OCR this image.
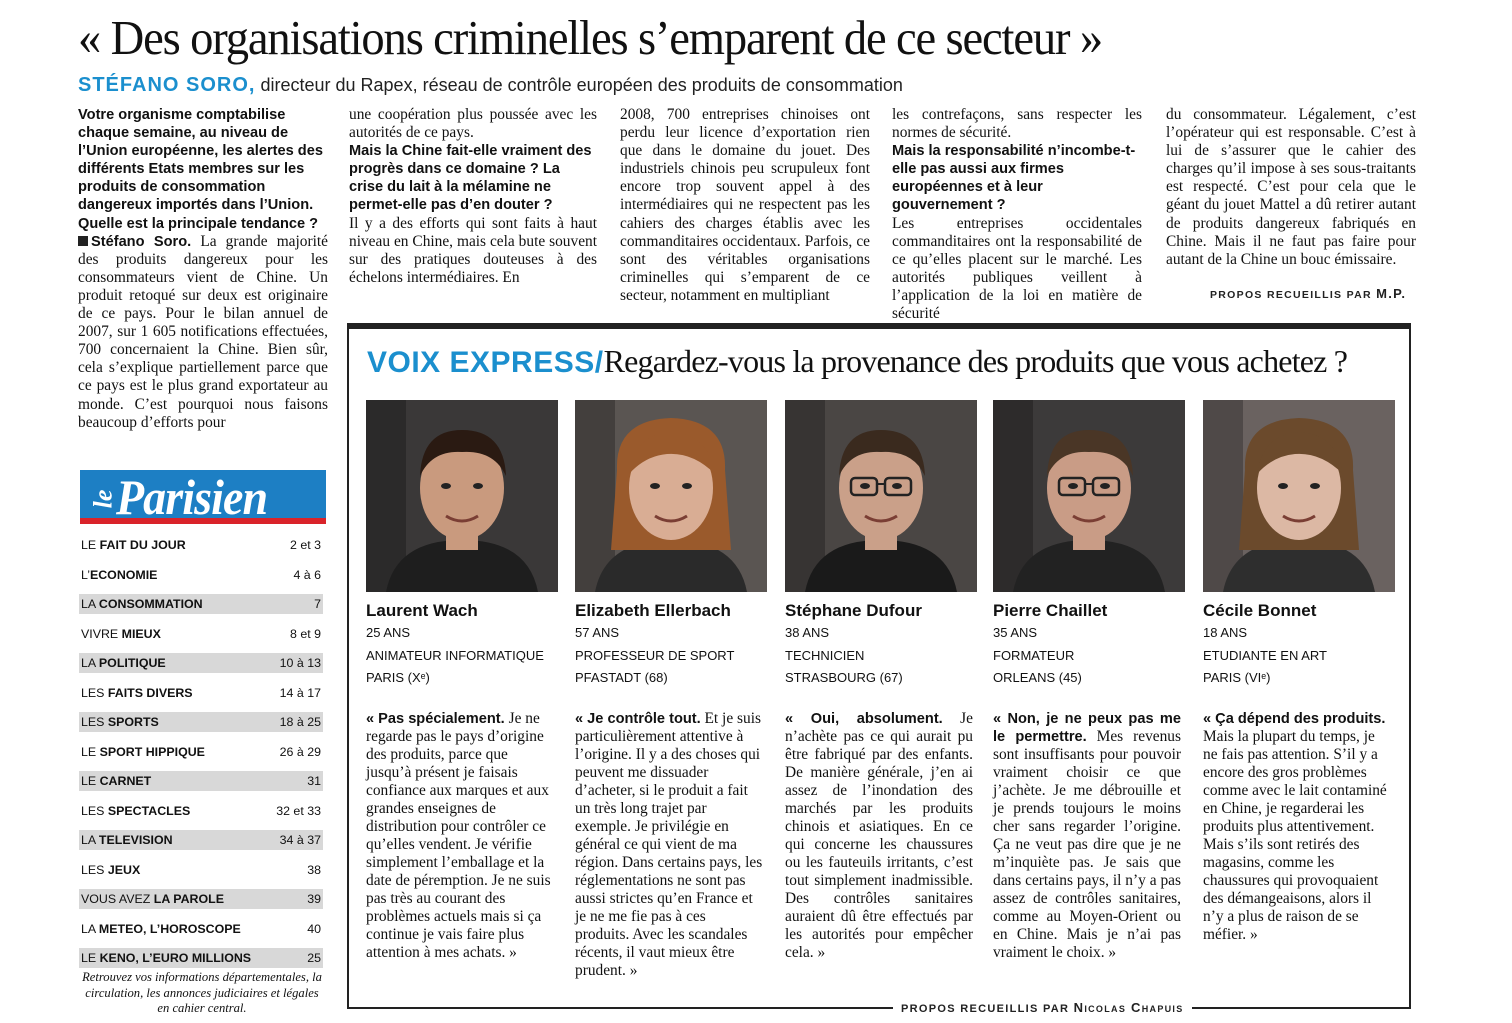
« Des organisations criminelles s’emparent de ce secteur »
STÉFANO SORO, directeur du Rapex, réseau de contrôle européen des produits de consommation
Votre organisme comptabilise chaque semaine, au niveau de l’Union européenne, les alertes des différents Etats membres sur les produits de consommation dangereux importés dans l’Union. Quelle est la principale tendance ?
Stéfano Soro. La grande majorité des produits dangereux pour les consommateurs vient de Chine. Un produit retoqué sur deux est originaire de ce pays. Pour le bilan annuel de 2007, sur 1 605 notifications effectuées, 700 concernaient la Chine. Bien sûr, cela s’explique partiellement parce que ce pays est le plus grand exportateur au monde. C’est pourquoi nous faisons beaucoup d’efforts pour
une coopération plus poussée avec les autorités de ce pays.
Mais la Chine fait-elle vraiment des progrès dans ce domaine ? La crise du lait à la mélamine ne permet-elle pas d’en douter ?
Il y a des efforts qui sont faits à haut niveau en Chine, mais cela bute souvent sur des pratiques douteuses à des échelons intermédiaires. En
2008, 700 entreprises chinoises ont perdu leur licence d’exportation rien que dans le domaine du jouet. Des industriels chinois peu scrupuleux font encore trop souvent appel à des intermédiaires qui ne respectent pas les cahiers des charges établis avec les commanditaires occidentaux. Parfois, ce sont des véritables organisations criminelles qui s’emparent de ce secteur, notamment en multipliant
les contrefaçons, sans respecter les normes de sécurité.
Mais la responsabilité n’incombe-t-elle pas aussi aux firmes européennes et à leur gouvernement ?
Les entreprises occidentales commanditaires ont la responsabilité de ce qu’elles placent sur le marché. Les autorités publiques veillent à l’application de la loi en matière de sécurité
du consommateur. Légalement, c’est l’opérateur qui est responsable. C’est à lui de s’assurer que le cahier des charges qu’il impose à ses sous-traitants est respecté. C’est pour cela que le géant du jouet Mattel a dû retirer autant de produits dangereux fabriqués en Chine. Mais il ne faut pas faire pour autant de la Chine un bouc émissaire.
PROPOS RECUEILLIS PAR M.P.
le
Parisien
LE FAIT DU JOUR	2 et 3
L’ECONOMIE	4 à 6
LA CONSOMMATION	7
VIVRE MIEUX	8 et 9
LA POLITIQUE	10 à 13
LES FAITS DIVERS	14 à 17
LES SPORTS	18 à 25
LE SPORT HIPPIQUE	26 à 29
LE CARNET	31
LES SPECTACLES	32 et 33
LA TELEVISION	34 à 37
LES JEUX	38
VOUS AVEZ LA PAROLE	39
LA METEO, L’HOROSCOPE	40
LE KENO, L’EURO MILLIONS	25
Retrouvez vos informations départementales, la circulation, les annonces judiciaires et légales en cahier central.
VOIX EXPRESS/Regardez-vous la provenance des produits que vous achetez ?
Laurent Wach
25 ANS
ANIMATEUR INFORMATIQUE
PARIS (Xᵉ)
« Pas spécialement. Je ne regarde pas le pays d’origine des produits, parce que jusqu’à présent je faisais confiance aux marques et aux grandes enseignes de distribution pour contrôler ce qu’elles vendent. Je vérifie simplement l’emballage et la date de péremption. Je ne suis pas très au courant des problèmes actuels mais si ça continue je vais faire plus attention à mes achats. »
Elizabeth Ellerbach
57 ANS
PROFESSEUR DE SPORT
PFASTADT (68)
« Je contrôle tout. Et je suis particulièrement attentive à l’origine. Il y a des choses qui peuvent me dissuader d’acheter, si le produit a fait un très long trajet par exemple. Je privilégie en général ce qui vient de ma région. Dans certains pays, les réglementations ne sont pas aussi strictes qu’en France et je ne me fie pas à ces produits. Avec les scandales récents, il vaut mieux être prudent. »
Stéphane Dufour
38 ANS
TECHNICIEN
STRASBOURG (67)
« Oui, absolument. Je n’achète pas ce qui aurait pu être fabriqué par des enfants. De manière générale, j’en ai assez de l’inondation des marchés par les produits chinois et asiatiques. En ce qui concerne les chaussures ou les fauteuils irritants, c’est tout simplement inadmissible. Des contrôles sanitaires auraient dû être effectués par les autorités pour empêcher cela. »
Pierre Chaillet
35 ANS
FORMATEUR
ORLEANS (45)
« Non, je ne peux pas me le permettre. Mes revenus sont insuffisants pour pouvoir vraiment choisir ce que j’achète. Je me débrouille et je prends toujours le moins cher sans regarder l’origine. Ça ne veut pas dire que je ne m’inquiète pas. Je sais que dans certains pays, il n’y a pas assez de contrôles sanitaires, comme au Moyen-Orient ou en Chine. Mais je n’ai pas vraiment le choix. »
Cécile Bonnet
18 ANS
ETUDIANTE EN ART
PARIS (VIᵉ)
« Ça dépend des produits. Mais la plupart du temps, je ne fais pas attention. S’il y a encore des gros problèmes comme avec le lait contaminé en Chine, je regarderai les produits plus attentivement. Mais s’ils sont retirés des magasins, comme les chaussures qui provoquaient des démangeaisons, alors il n’y a plus de raison de se méfier. »
PROPOS RECUEILLIS PAR Nicolas Chapuis
